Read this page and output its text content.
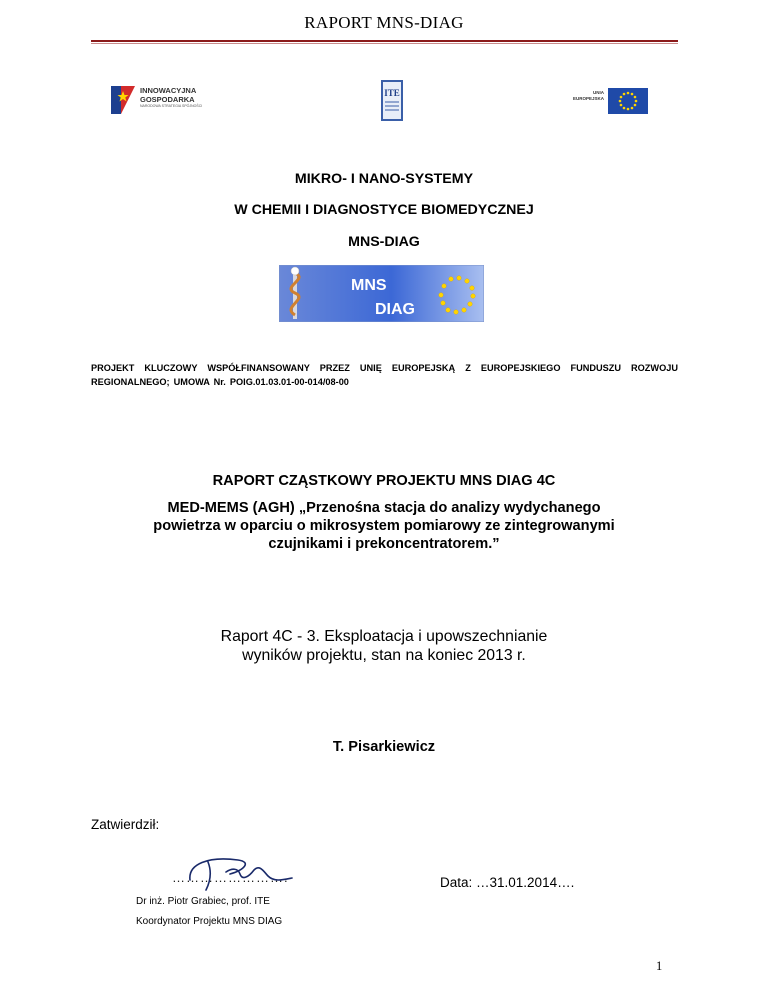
RAPORT MNS-DIAG
INNOWACYJNA
GOSPODARKA
NARODOWA STRATEGIA SPÓJNOŚCI
ITE	UNIA
EUROPEJSKA
MIKRO- I NANO-SYSTEMY
W CHEMII I DIAGNOSTYCE BIOMEDYCZNEJ
MNS-DIAG
MNS
DIAG
PROJEKT KLUCZOWY WSPÓŁFINANSOWANY PRZEZ UNIĘ EUROPEJSKĄ Z EUROPEJSKIEGO FUNDUSZU ROZWOJU REGIONALNEGO; UMOWA Nr. POIG.01.03.01-00-014/08-00
RAPORT CZĄSTKOWY PROJEKTU MNS DIAG 4C
MED-MEMS (AGH) „Przenośna stacja do analizy wydychanego powietrza w oparciu o mikrosystem pomiarowy ze zintegrowanymi czujnikami i prekoncentratorem.”
Raport 4C - 3. Eksploatacja i upowszechnianie
wyników projektu, stan na koniec 2013 r.
T. Pisarkiewicz
Zatwierdził:
…………………….	Data: …31.01.2014….
Dr inż. Piotr Grabiec, prof. ITE
Koordynator Projektu MNS DIAG
1
